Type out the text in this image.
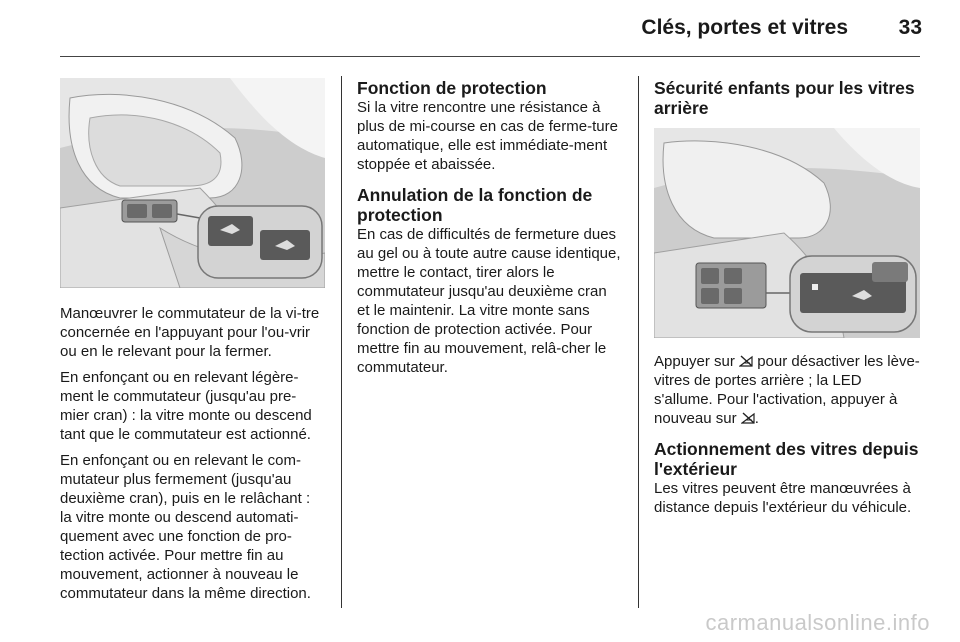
Clés, portes et vitres 33

Manœuvrer le commutateur de la vi-tre concernée en l'appuyant pour l'ou-vrir ou en le relevant pour la fermer.

En enfonçant ou en relevant légère-ment le commutateur (jusqu'au pre-mier cran) : la vitre monte ou descend tant que le commutateur est actionné.

En enfonçant ou en relevant le com-mutateur plus fermement (jusqu'au deuxième cran), puis en le relâchant : la vitre monte ou descend automati-quement avec une fonction de pro-tection activée. Pour mettre fin au mouvement, actionner à nouveau le commutateur dans la même direction.

Fonction de protection

Si la vitre rencontre une résistance à plus de mi-course en cas de ferme-ture automatique, elle est immédiate-ment stoppée et abaissée.

Annulation de la fonction de protection

En cas de difficultés de fermeture dues au gel ou à toute autre cause identique, mettre le contact, tirer alors le commutateur jusqu'au deuxième cran et le maintenir. La vitre monte sans fonction de protection activée. Pour mettre fin au mouvement, relâ-cher le commutateur.

Sécurité enfants pour les vitres arrière

Appuyer sur pour désactiver les lève-vitres de portes arrière ; la LED s'allume. Pour l'activation, appuyer à nouveau sur .

Actionnement des vitres depuis l'extérieur

Les vitres peuvent être manœuvrées à distance depuis l'extérieur du véhicule.

carmanualsonline.info
